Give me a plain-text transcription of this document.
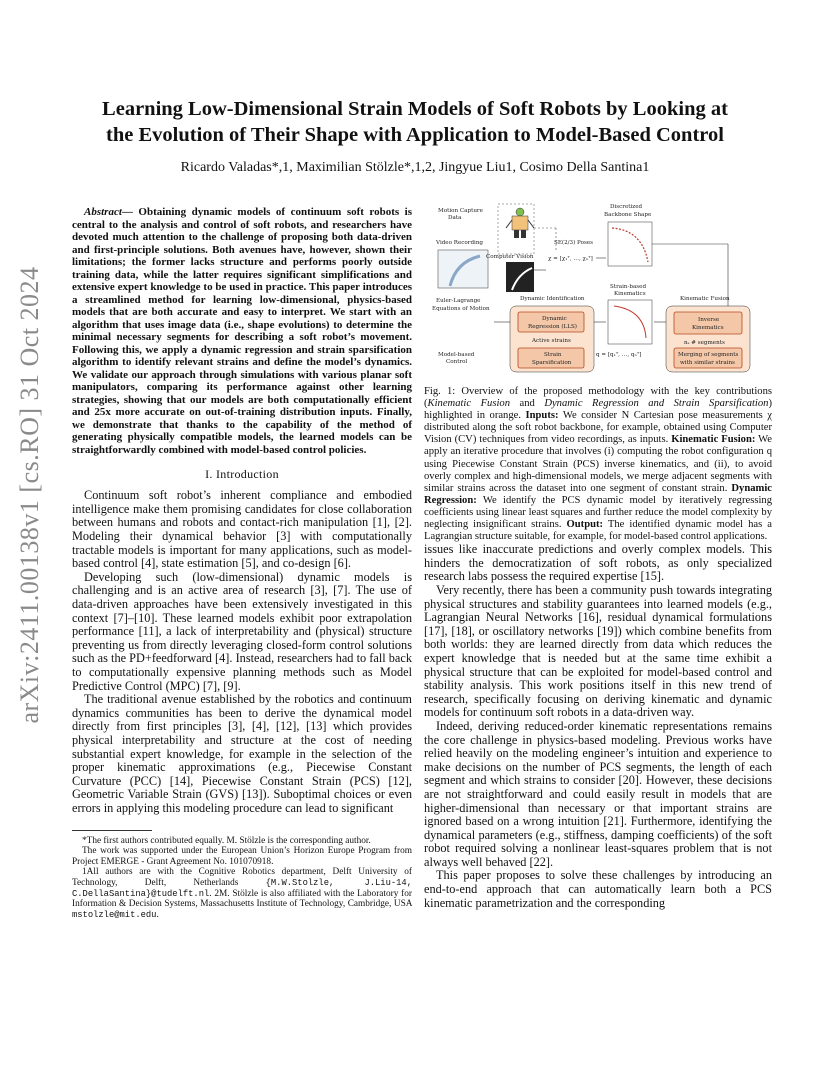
arXiv:2411.00138v1 [cs.RO] 31 Oct 2024
Learning Low-Dimensional Strain Models of Soft Robots by Looking at
the Evolution of Their Shape with Application to Model-Based Control
Ricardo Valadas*,1, Maximilian Stölzle*,1,2, Jingyue Liu1, Cosimo Della Santina1

Abstract— Obtaining dynamic models of continuum soft robots is central to the analysis and control of soft robots, and researchers have devoted much attention to the challenge of proposing both data-driven and first-principle solutions. Both avenues have, however, shown their limitations; the former lacks structure and performs poorly outside training data, while the latter requires significant simplifications and extensive expert knowledge to be used in practice. This paper introduces a streamlined method for learning low-dimensional, physics-based models that are both accurate and easy to interpret. We start with an algorithm that uses image data (i.e., shape evolutions) to determine the minimal necessary segments for describing a soft robot’s movement. Following this, we apply a dynamic regression and strain sparsification algorithm to identify relevant strains and define the model’s dynamics. We validate our approach through simulations with various planar soft manipulators, comparing its performance against other learning strategies, showing that our models are both computationally efficient and 25x more accurate on out-of-training distribution inputs. Finally, we demonstrate that thanks to the capability of the method of generating physically compatible models, the learned models can be straightforwardly combined with model-based control policies.

I. Introduction

Continuum soft robot’s inherent compliance and embodied intelligence make them promising candidates for close collaboration between humans and robots and contact-rich manipulation [1], [2]. Modeling their dynamical behavior [3] with computationally tractable models is important for many applications, such as model-based control [4], state estimation [5], and co-design [6].

Developing such (low-dimensional) dynamic models is challenging and is an active area of research [3], [7]. The use of data-driven approaches have been extensively investigated in this context [7]–[10]. These learned models exhibit poor extrapolation performance [11], a lack of interpretability and (physical) structure preventing us from directly leveraging closed-form control solutions such as the PD+feedforward [4]. Instead, researchers had to fall back to computationally expensive planning methods such as Model Predictive Control (MPC) [7], [9].

The traditional avenue established by the robotics and continuum dynamics communities has been to derive the dynamical model directly from first principles [3], [4], [12], [13] which provides physical interpretability and structure at the cost of needing substantial expert knowledge, for example in the selection of the proper kinematic approximations (e.g., Piecewise Constant Curvature (PCC) [14], Piecewise Constant Strain (PCS) [12], Geometric Variable Strain (GVS) [13]). Suboptimal choices or even errors in applying this modeling procedure can lead to significant

*The first authors contributed equally. M. Stölzle is the corresponding author.

The work was supported under the European Union’s Horizon Europe Program from Project EMERGE - Grant Agreement No. 101070918.

1All authors are with the Cognitive Robotics department, Delft University of Technology, Delft, Netherlands	{M.W.Stolzle, J.Liu-14, C.DellaSantina}@tudelft.nl. 2M. Stölzle is also affiliated with the Laboratory for Information & Decision Systems, Massachusetts Institute of Technology, Cambridge, USA mstolzle@mit.edu.

Motion Capture
Data
Video Recording
Computer Vision
SE(2/3) Poses
χ = [χ₁ᵀ, …, χₙᵀ]
Discretized
Backbone Shape
Strain-based
Kinematics
q = [q₁ᵀ, …, qₙᵀ]
Euler-Lagrange
Equations of Motion
Model-based
Control
Dynamic Identification
Dynamic
Regression (LLS)
Active strains
Strain
Sparsification
Kinematic Fusion
Inverse
Kinematics
nₛ # segments
Merging of segments
with similar strains

Fig. 1: Overview of the proposed methodology with the key contributions (Kinematic Fusion and Dynamic Regression and Strain Sparsification) highlighted in orange. Inputs: We consider N Cartesian pose measurements χ distributed along the soft robot backbone, for example, obtained using Computer Vision (CV) techniques from video recordings, as inputs. Kinematic Fusion: We apply an iterative procedure that involves (i) computing the robot configuration q using Piecewise Constant Strain (PCS) inverse kinematics, and (ii), to avoid overly complex and high-dimensional models, we merge adjacent segments with similar strains across the dataset into one segment of constant strain. Dynamic Regression: We identify the PCS dynamic model by iteratively regressing coefficients using linear least squares and further reduce the model complexity by neglecting insignificant strains. Output: The identified dynamic model has a Lagrangian structure suitable, for example, for model-based control applications.

issues like inaccurate predictions and overly complex models. This hinders the democratization of soft robots, as only specialized research labs possess the required expertise [15].

Very recently, there has been a community push towards integrating physical structures and stability guarantees into learned models (e.g., Lagrangian Neural Networks [16], residual dynamical formulations [17], [18], or oscillatory networks [19]) which combine benefits from both worlds: they are learned directly from data which reduces the expert knowledge that is needed but at the same time exhibit a physical structure that can be exploited for model-based control and stability analysis. This work positions itself in this new trend of research, specifically focusing on deriving kinematic and dynamic models for continuum soft robots in a data-driven way.

Indeed, deriving reduced-order kinematic representations remains the core challenge in physics-based modeling. Previous works have relied heavily on the modeling engineer’s intuition and experience to make decisions on the number of PCS segments, the length of each segment and which strains to consider [20]. However, these decisions are not straightforward and could easily result in models that are higher-dimensional than necessary or that important strains are ignored based on a wrong intuition [21]. Furthermore, identifying the dynamical parameters (e.g., stiffness, damping coefficients) of the soft robot required solving a nonlinear least-squares problem that is not always well behaved [22].

This paper proposes to solve these challenges by introducing an end-to-end approach that can automatically learn both a PCS kinematic parametrization and the corresponding
